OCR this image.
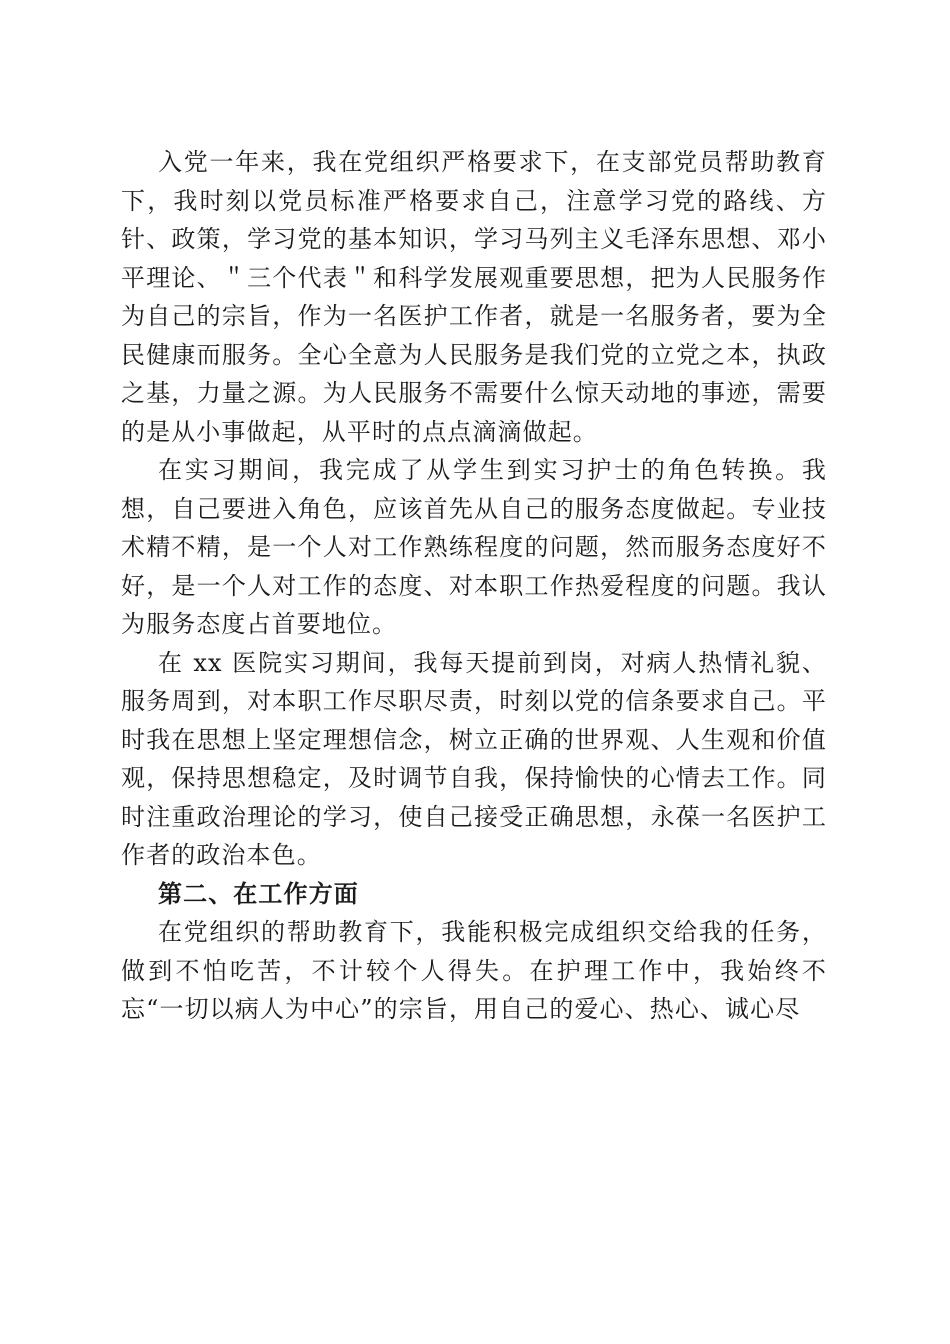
入党一年来，我在党组织严格要求下，在支部党员帮助教育下，我时刻以党员标准严格要求自己，注意学习党的路线、方针、政策，学习党的基本知识，学习马列主义毛泽东思想、邓小平理论、＂三个代表＂和科学发展观重要思想，把为人民服务作为自己的宗旨，作为一名医护工作者，就是一名服务者，要为全民健康而服务。全心全意为人民服务是我们党的立党之本，执政之基，力量之源。为人民服务不需要什么惊天动地的事迹，需要的是从小事做起，从平时的点点滴滴做起。

在实习期间，我完成了从学生到实习护士的角色转换。我想，自己要进入角色，应该首先从自己的服务态度做起。专业技术精不精，是一个人对工作熟练程度的问题，然而服务态度好不好，是一个人对工作的态度、对本职工作热爱程度的问题。我认为服务态度占首要地位。

在 xx 医院实习期间，我每天提前到岗，对病人热情礼貌、服务周到，对本职工作尽职尽责，时刻以党的信条要求自己。平时我在思想上坚定理想信念，树立正确的世界观、人生观和价值观，保持思想稳定，及时调节自我，保持愉快的心情去工作。同时注重政治理论的学习，使自己接受正确思想，永葆一名医护工作者的政治本色。

第二、在工作方面

在党组织的帮助教育下，我能积极完成组织交给我的任务，做到不怕吃苦，不计较个人得失。在护理工作中，我始终不忘“一切以病人为中心”的宗旨，用自己的爱心、热心、诚心尽
